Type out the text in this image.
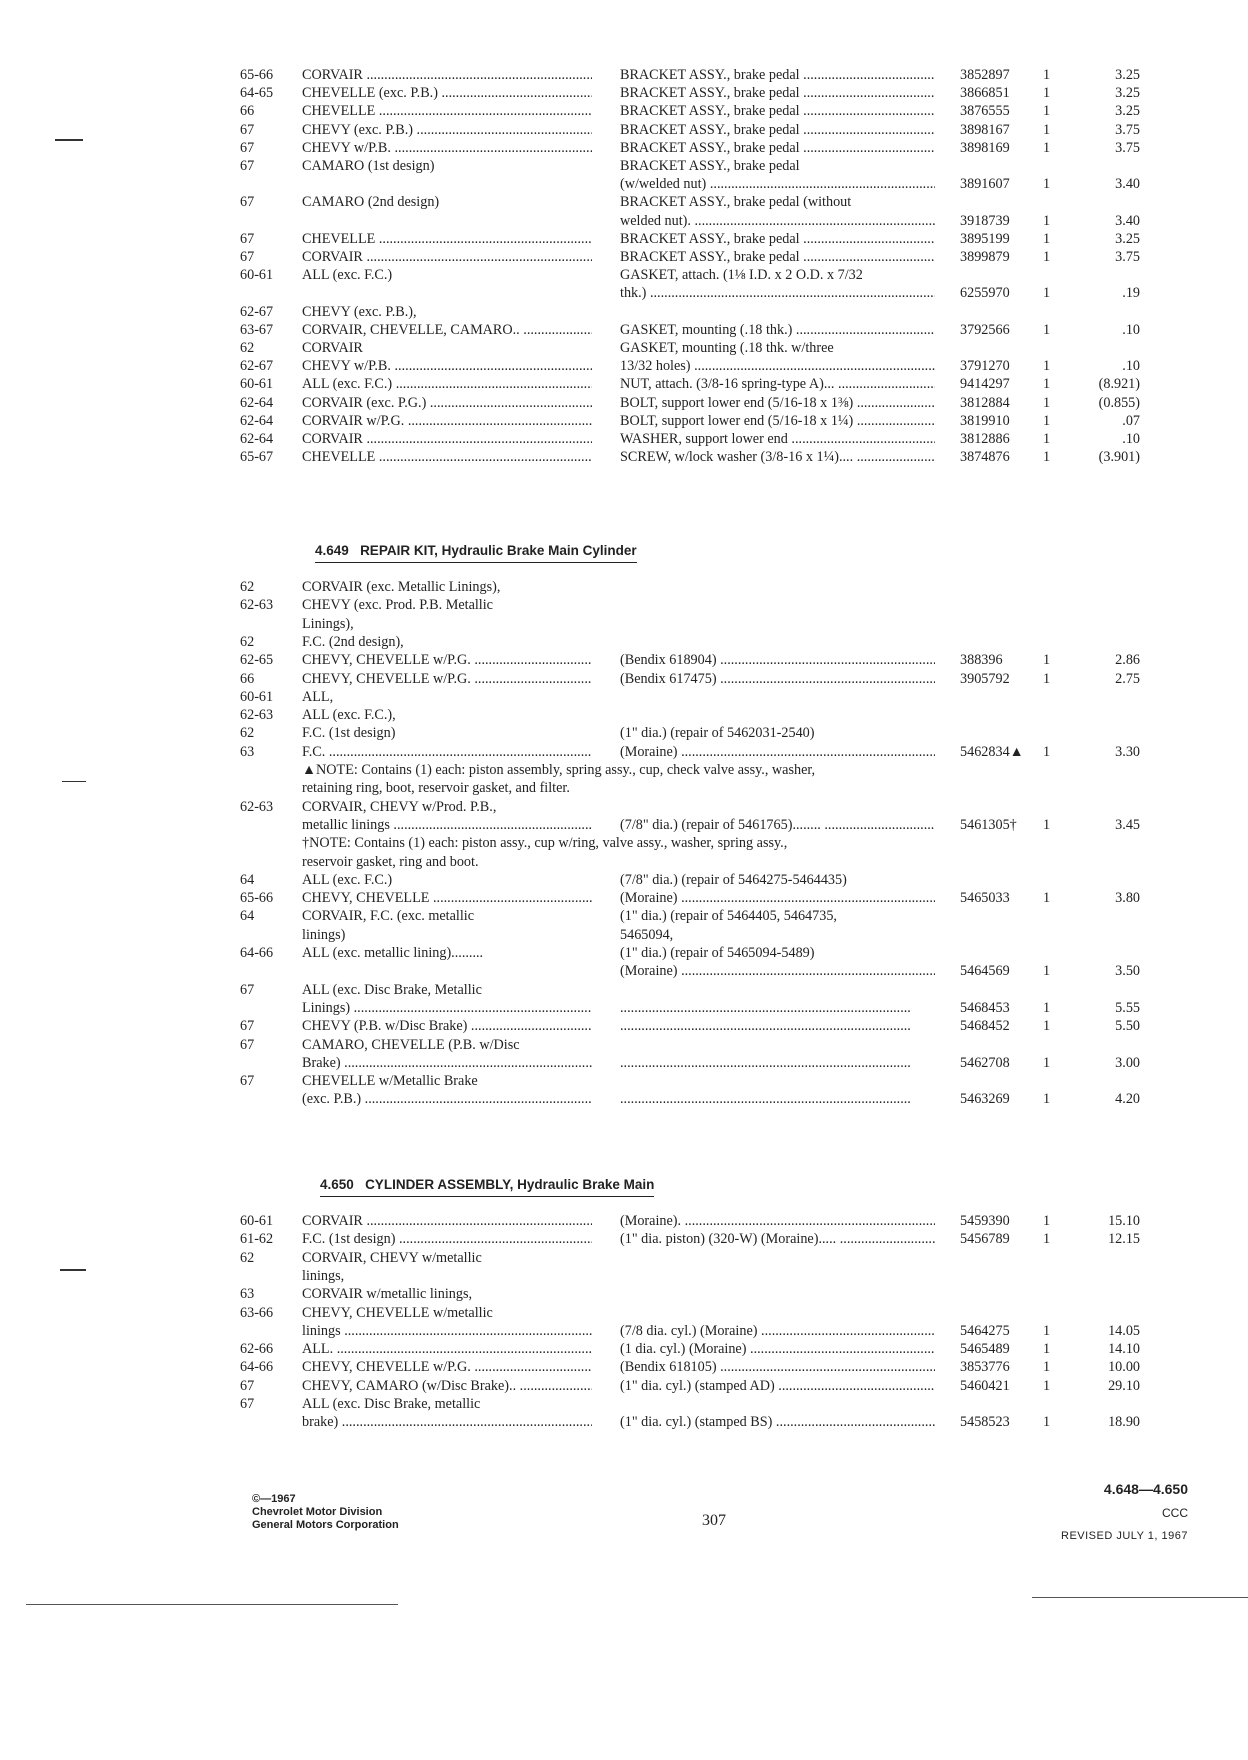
65-66	CORVAIR .....	BRACKET ASSY., brake pedal .....	3852897	1	3.25
64-65	CHEVELLE (exc. P.B.) .....	BRACKET ASSY., brake pedal .....	3866851	1	3.25
66	CHEVELLE .....	BRACKET ASSY., brake pedal .....	3876555	1	3.25
67	CHEVY (exc. P.B.) .....	BRACKET ASSY., brake pedal .....	3898167	1	3.75
67	CHEVY w/P.B. .....	BRACKET ASSY., brake pedal .....	3898169	1	3.75
67	CAMARO (1st design)	BRACKET ASSY., brake pedal
(w/welded nut) .....	3891607	1	3.40
67	CAMARO (2nd design)	BRACKET ASSY., brake pedal (without
welded nut). .....	3918739	1	3.40
67	CHEVELLE .....	BRACKET ASSY., brake pedal .....	3895199	1	3.25
67	CORVAIR .....	BRACKET ASSY., brake pedal .....	3899879	1	3.75
60-61	ALL (exc. F.C.)	GASKET, attach. (1⅛ I.D. x 2 O.D. x 7/32
thk.) .....	6255970	1	.19
62-67	CHEVY (exc. P.B.),
63-67	CORVAIR, CHEVELLE, CAMARO.. .....	GASKET, mounting (.18 thk.) .....	3792566	1	.10
62	CORVAIR	GASKET, mounting (.18 thk. w/three
62-67	CHEVY w/P.B. .....	13/32 holes) .....	3791270	1	.10
60-61	ALL (exc. F.C.) .....	NUT, attach. (3/8-16 spring-type A)... .....	9414297	1	(8.921)
62-64	CORVAIR (exc. P.G.) .....	BOLT, support lower end (5/16-18 x 1⅜) .....	3812884	1	(0.855)
62-64	CORVAIR w/P.G. .....	BOLT, support lower end (5/16-18 x 1¼) .....	3819910	1	.07
62-64	CORVAIR .....	WASHER, support lower end .....	3812886	1	.10
65-67	CHEVELLE .....	SCREW, w/lock washer (3/8-16 x 1¼).... .....	3874876	1	(3.901)
4.649 REPAIR KIT, Hydraulic Brake Main Cylinder
62	CORVAIR (exc. Metallic Linings),
62-63	CHEVY (exc. Prod. P.B. Metallic
Linings),
62	F.C. (2nd design),
62-65	CHEVY, CHEVELLE w/P.G. .....	(Bendix 618904) .....	388396	1	2.86
66	CHEVY, CHEVELLE w/P.G. .....	(Bendix 617475) .....	3905792	1	2.75
60-61	ALL,
62-63	ALL (exc. F.C.),
62	F.C. (1st design)	(1" dia.) (repair of 5462031-2540)
63	F.C. .....	(Moraine) .....	5462834▲	1	3.30
▲NOTE: Contains (1) each: piston assembly, spring assy., cup, check valve assy., washer,
retaining ring, boot, reservoir gasket, and filter.
62-63	CORVAIR, CHEVY w/Prod. P.B.,
metallic linings .....	(7/8" dia.) (repair of 5461765)........ .....	5461305†	1	3.45
†NOTE: Contains (1) each: piston assy., cup w/ring, valve assy., washer, spring assy.,
reservoir gasket, ring and boot.
64	ALL (exc. F.C.)	(7/8" dia.) (repair of 5464275-5464435)
65-66	CHEVY, CHEVELLE .....	(Moraine) .....	5465033	1	3.80
64	CORVAIR, F.C. (exc. metallic	(1" dia.) (repair of 5464405, 5464735,
linings)	5465094,
64-66	ALL (exc. metallic lining).........	(1" dia.) (repair of 5465094-5489)
(Moraine) .....	5464569	1	3.50
67	ALL (exc. Disc Brake, Metallic
Linings) ..... .....	5468453	1	5.55
67	CHEVY (P.B. w/Disc Brake) ..... .....	5468452	1	5.50
67	CAMARO, CHEVELLE (P.B. w/Disc
Brake) ..... .....	5462708	1	3.00
67	CHEVELLE w/Metallic Brake
(exc. P.B.) ..... .....	5463269	1	4.20
4.650 CYLINDER ASSEMBLY, Hydraulic Brake Main
60-61	CORVAIR .....	(Moraine). .....	5459390	1	15.10
61-62	F.C. (1st design) .....	(1" dia. piston) (320-W) (Moraine)..... .....	5456789	1	12.15
62	CORVAIR, CHEVY w/metallic
linings,
63	CORVAIR w/metallic linings,
63-66	CHEVY, CHEVELLE w/metallic
linings .....	(7/8 dia. cyl.) (Moraine) .....	5464275	1	14.05
62-66	ALL. .....	(1 dia. cyl.) (Moraine) .....	5465489	1	14.10
64-66	CHEVY, CHEVELLE w/P.G. .....	(Bendix 618105) .....	3853776	1	10.00
67	CHEVY, CAMARO (w/Disc Brake).. .....	(1" dia. cyl.) (stamped AD) .....	5460421	1	29.10
67	ALL (exc. Disc Brake, metallic
brake) .....	(1" dia. cyl.) (stamped BS) .....	5458523	1	18.90
©—1967
Chevrolet Motor Division
General Motors Corporation	307
4.648—4.650
CCC
REVISED JULY 1, 1967
